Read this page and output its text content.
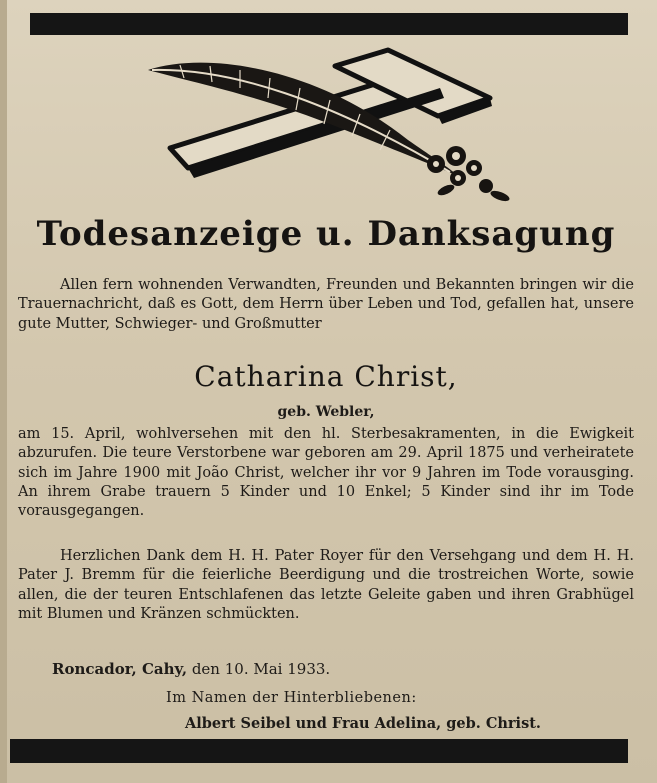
Todesanzeige u. Danksagung

Allen fern wohnenden Verwandten, Freunden und Bekannten bringen wir die Trauernachricht, daß es Gott, dem Herrn über Leben und Tod, gefallen hat, unsere gute Mutter, Schwieger- und Großmutter

Catharina Christ,
geb. Webler,

am 15. April, wohlversehen mit den hl. Sterbesakramenten, in die Ewigkeit abzurufen. Die teure Verstorbene war geboren am 29. April 1875 und verheiratete sich im Jahre 1900 mit João Christ, welcher ihr vor 9 Jahren im Tode vorausging. An ihrem Grabe trauern 5 Kinder und 10 Enkel; 5 Kinder sind ihr im Tode vorausgegangen.

Herzlichen Dank dem H. H. Pater Royer für den Versehgang und dem H. H. Pater J. Bremm für die feierliche Beerdigung und die trostreichen Worte, sowie allen, die der teuren Entschlafenen das letzte Geleite gaben und ihren Grabhügel mit Blumen und Kränzen schmückten.

Roncador, Cahy, den 10. Mai 1933.
Im Namen der Hinterbliebenen:
Albert Seibel und Frau Adelina, geb. Christ.
